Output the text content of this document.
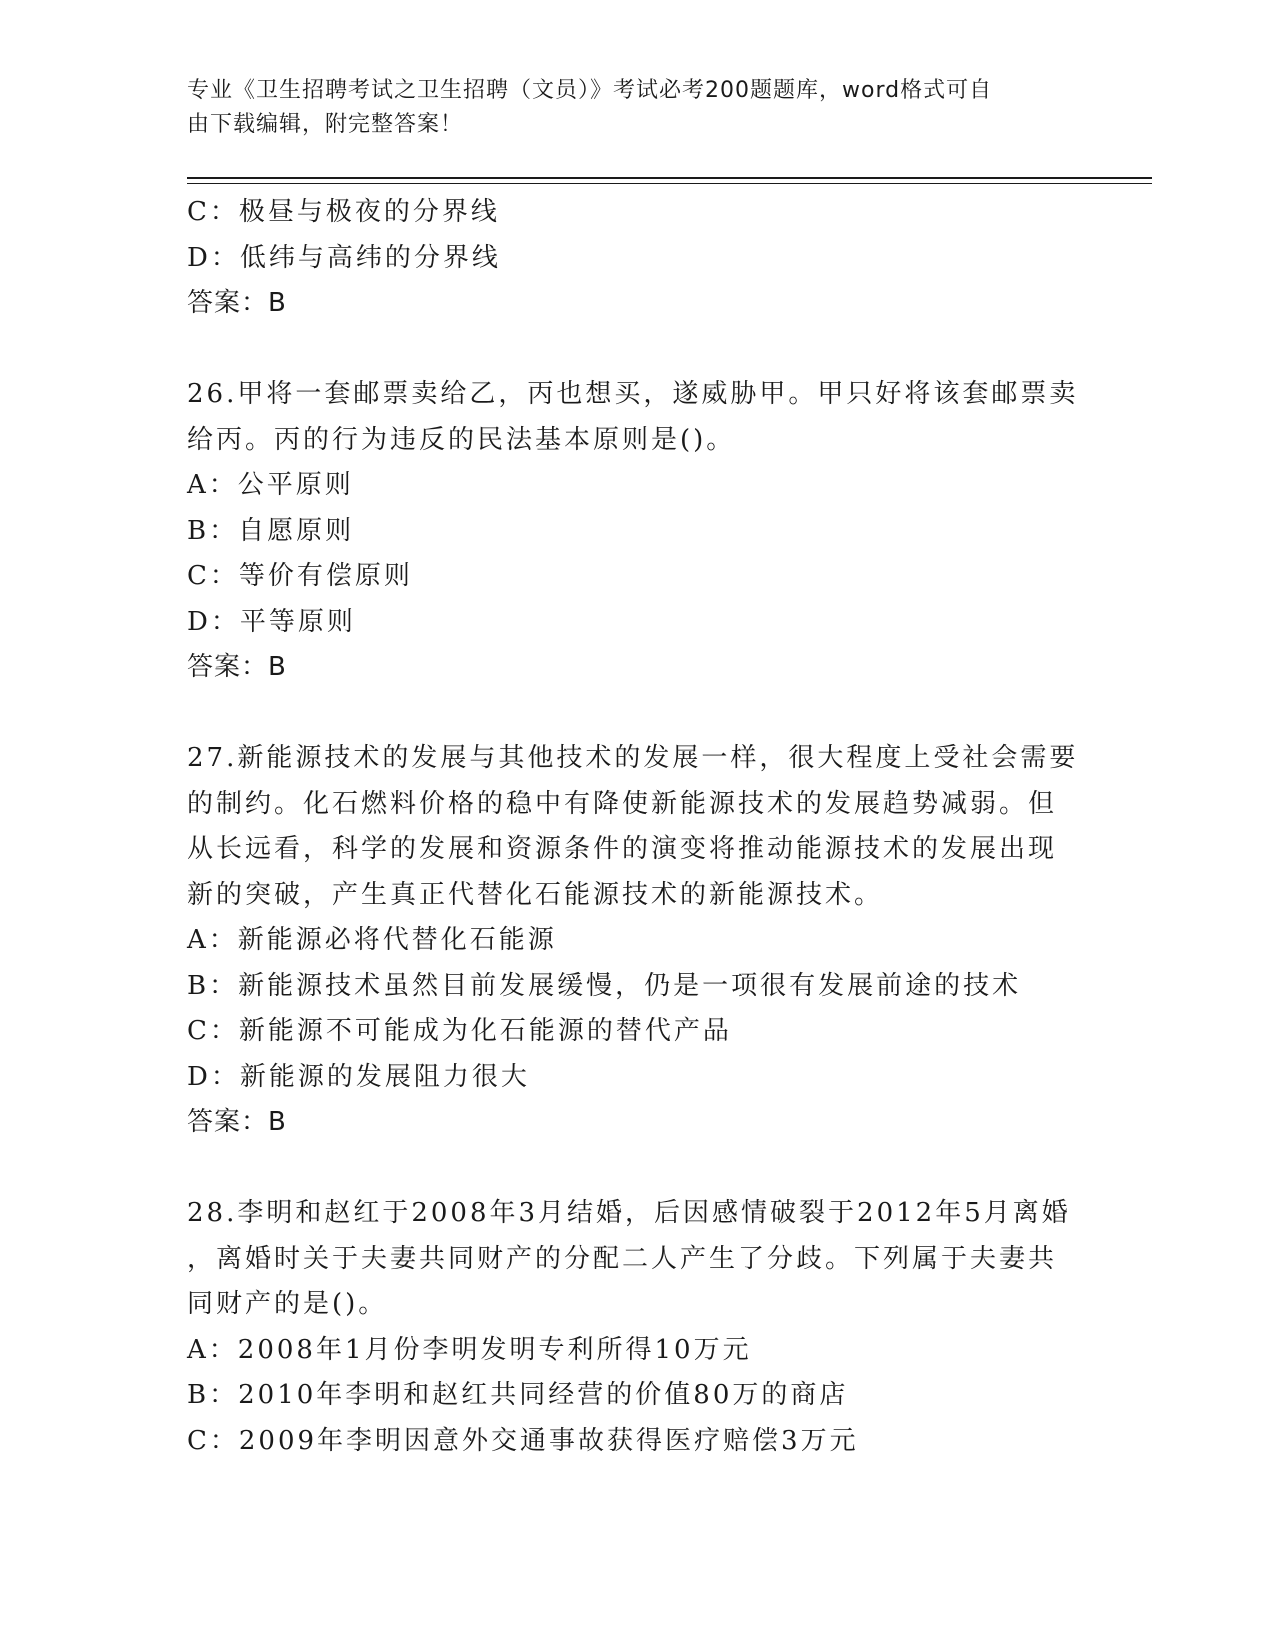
专业《卫生招聘考试之卫生招聘（文员）》考试必考200题题库，word格式可自
由下载编辑，附完整答案！
C：极昼与极夜的分界线
D：低纬与高纬的分界线
答案：B
26.甲将一套邮票卖给乙，丙也想买，遂威胁甲。甲只好将该套邮票卖
给丙。丙的行为违反的民法基本原则是()。
A：公平原则
B：自愿原则
C：等价有偿原则
D：平等原则
答案：B
27.新能源技术的发展与其他技术的发展一样，很大程度上受社会需要
的制约。化石燃料价格的稳中有降使新能源技术的发展趋势减弱。但
从长远看，科学的发展和资源条件的演变将推动能源技术的发展出现
新的突破，产生真正代替化石能源技术的新能源技术。
A：新能源必将代替化石能源
B：新能源技术虽然目前发展缓慢，仍是一项很有发展前途的技术
C：新能源不可能成为化石能源的替代产品
D：新能源的发展阻力很大
答案：B
28.李明和赵红于2008年3月结婚，后因感情破裂于2012年5月离婚
，离婚时关于夫妻共同财产的分配二人产生了分歧。下列属于夫妻共
同财产的是()。
A：2008年1月份李明发明专利所得10万元
B：2010年李明和赵红共同经营的价值80万的商店
C：2009年李明因意外交通事故获得医疗赔偿3万元
